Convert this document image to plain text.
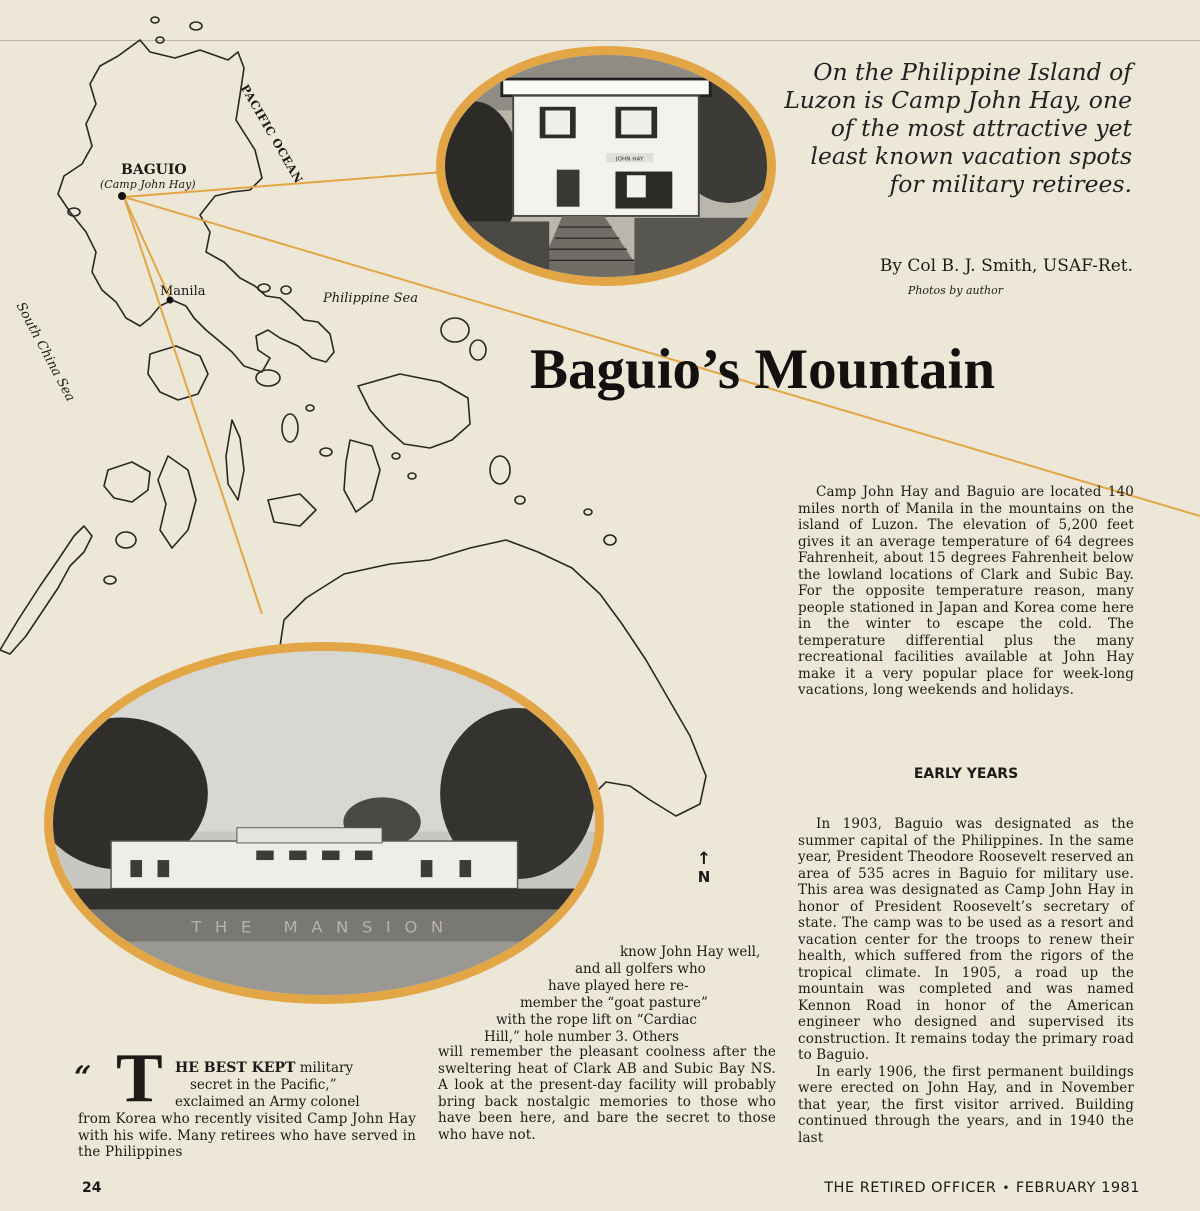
JOHN HAY
THE MANSION
PACIFIC OCEAN
South China Sea
Philippine Sea
BAGUIO
(Camp John Hay)
Manila
↑
N
On the Philippine Island of Luzon is Camp John Hay, one of the most attractive yet least known vacation spots for military retirees.
By Col B. J. Smith, USAF-Ret.
Photos by author
Baguio’s Mountain
“ T HE BEST KEPT military
secret in the Pacific,”
exclaimed an Army colonel
from Korea who recently visited Camp John Hay with his wife. Many retirees who have served in the Philippines
know John Hay well,
and all golfers who
have played here re-
member the “goat pasture”
with the rope lift on “Cardiac
Hill,” hole number 3. Others
will remember the pleasant coolness after the sweltering heat of Clark AB and Subic Bay NS. A look at the present-day facility will probably bring back nostalgic memories to those who have been here, and bare the secret to those who have not.

Camp John Hay and Baguio are located 140 miles north of Manila in the mountains on the island of Luzon. The elevation of 5,200 feet gives it an average temperature of 64 degrees Fahrenheit, about 15 degrees Fahrenheit below the lowland locations of Clark and Subic Bay. For the opposite temperature reason, many people stationed in Japan and Korea come here in the winter to escape the cold. The temperature differential plus the many recreational facilities available at John Hay make it a very popular place for week-long vacations, long weekends and holidays.

EARLY YEARS

In 1903, Baguio was designated as the summer capital of the Philippines. In the same year, President Theodore Roosevelt reserved an area of 535 acres in Baguio for military use. This area was designated as Camp John Hay in honor of President Roosevelt’s secretary of state. The camp was to be used as a resort and vacation center for the troops to renew their health, which suffered from the rigors of the tropical climate. In 1905, a road up the mountain was completed and was named Kennon Road in honor of the American engineer who designed and supervised its construction. It remains today the primary road to Baguio.

In early 1906, the first permanent buildings were erected on John Hay, and in November that year, the first visitor arrived. Building continued through the years, and in 1940 the last

24	THE RETIRED OFFICER • FEBRUARY 1981
